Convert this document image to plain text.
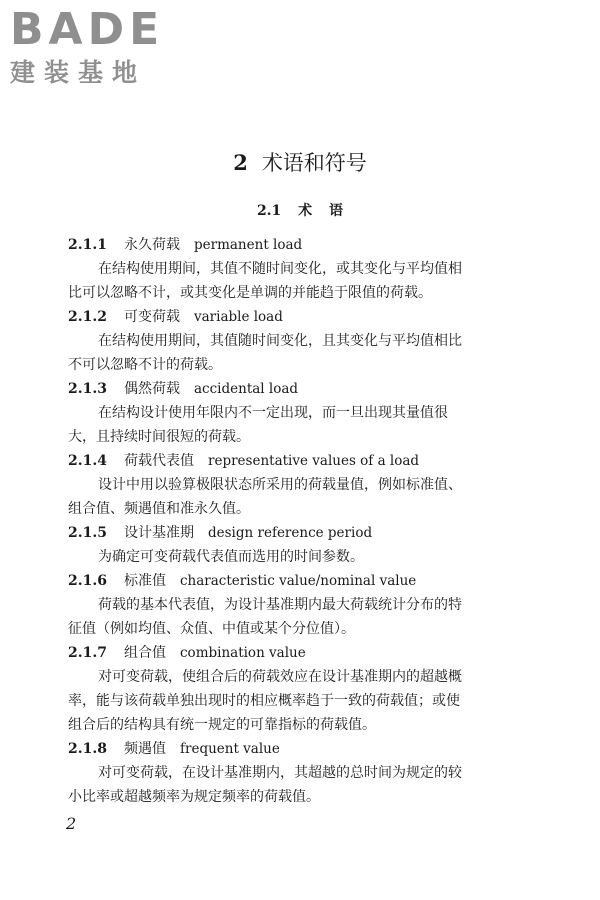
BADE
建装基地
2 术语和符号
2.1 术 语
2.1.1 永久荷载 permanent load
在结构使用期间，其值不随时间变化，或其变化与平均值相
比可以忽略不计，或其变化是单调的并能趋于限值的荷载。
2.1.2 可变荷载 variable load
在结构使用期间，其值随时间变化，且其变化与平均值相比
不可以忽略不计的荷载。
2.1.3 偶然荷载 accidental load
在结构设计使用年限内不一定出现，而一旦出现其量值很
大，且持续时间很短的荷载。
2.1.4 荷载代表值 representative values of a load
设计中用以验算极限状态所采用的荷载量值，例如标准值、
组合值、频遇值和准永久值。
2.1.5 设计基准期 design reference period
为确定可变荷载代表值而选用的时间参数。
2.1.6 标准值 characteristic value/nominal value
荷载的基本代表值，为设计基准期内最大荷载统计分布的特
征值（例如均值、众值、中值或某个分位值）。
2.1.7 组合值 combination value
对可变荷载，使组合后的荷载效应在设计基准期内的超越概
率，能与该荷载单独出现时的相应概率趋于一致的荷载值；或使
组合后的结构具有统一规定的可靠指标的荷载值。
2.1.8 频遇值 frequent value
对可变荷载，在设计基准期内，其超越的总时间为规定的较
小比率或超越频率为规定频率的荷载值。
2
